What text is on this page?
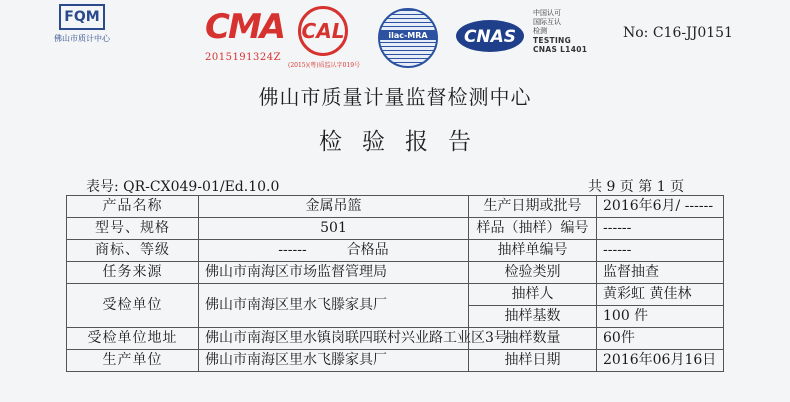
FQM
佛山市质计中心	CMA
2015191324Z
CAL
(2015)(粤)质监认字019号
ilac-MRA	CNAS
中国认可
国际互认
检测
TESTING
CNAS L1401
No: C16-JJ0151
佛山市质量计量监督检测中心
检验报告
表号: QR-CX049-01/Ed.10.0	共 9 页 第 1 页
产品名称	金属吊篮	生产日期或批号	2016年6月/ ------
型号、规格	501	样品（抽样）编号	------
商标、等级	------ 合格品	抽样单编号	------
任务来源	佛山市南海区市场监督管理局	检验类别	监督抽查
受检单位	佛山市南海区里水飞滕家具厂	抽样人	黄彩虹 黄佳林
		抽样基数	100 件
受检单位地址	佛山市南海区里水镇岗联四联村兴业路工业区3号	抽样数量	60件
生产单位	佛山市南海区里水飞滕家具厂	抽样日期	2016年06月16日
